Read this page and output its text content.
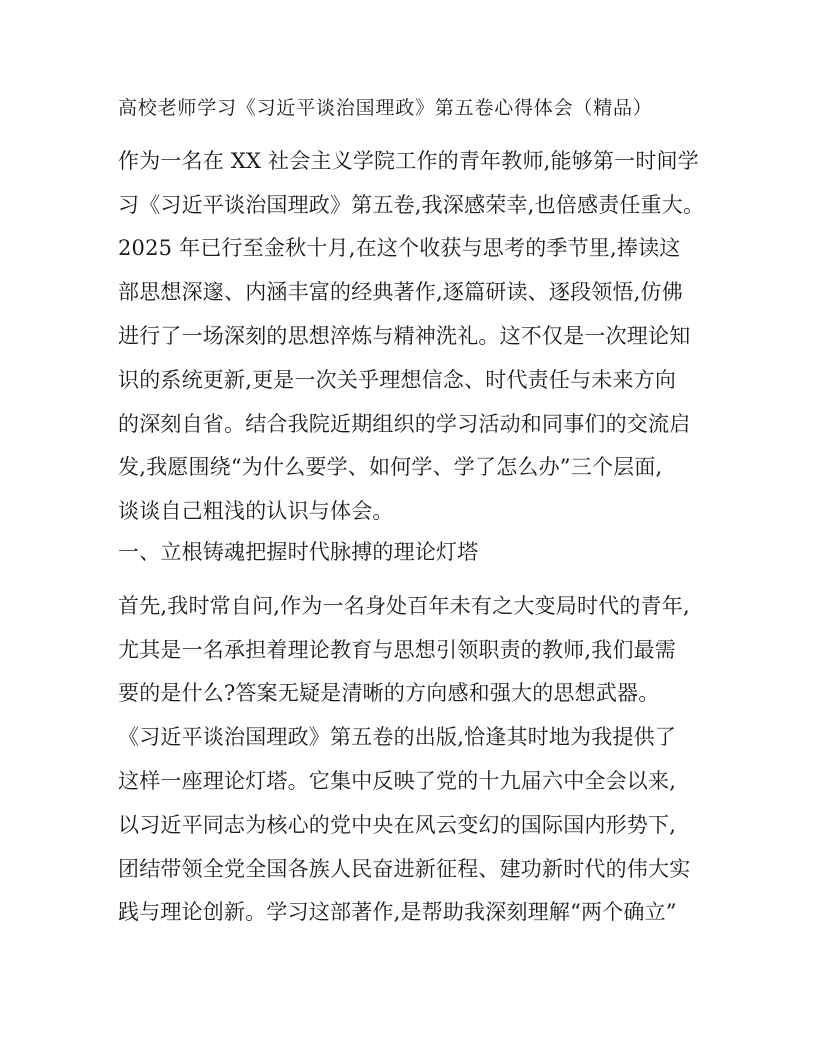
高校老师学习《习近平谈治国理政》第五卷心得体会（精品）
作为一名在 XX 社会主义学院工作的青年教师,能够第一时间学
习《习近平谈治国理政》第五卷,我深感荣幸,也倍感责任重大。
2025 年已行至金秋十月,在这个收获与思考的季节里,捧读这
部思想深邃、内涵丰富的经典著作,逐篇研读、逐段领悟,仿佛
进行了一场深刻的思想淬炼与精神洗礼。这不仅是一次理论知
识的系统更新,更是一次关乎理想信念、时代责任与未来方向
的深刻自省。结合我院近期组织的学习活动和同事们的交流启
发,我愿围绕“为什么要学、如何学、学了怎么办”三个层面,
谈谈自己粗浅的认识与体会。
一、立根铸魂把握时代脉搏的理论灯塔
首先,我时常自问,作为一名身处百年未有之大变局时代的青年,
尤其是一名承担着理论教育与思想引领职责的教师,我们最需
要的是什么?答案无疑是清晰的方向感和强大的思想武器。
《习近平谈治国理政》第五卷的出版,恰逢其时地为我提供了
这样一座理论灯塔。它集中反映了党的十九届六中全会以来,
以习近平同志为核心的党中央在风云变幻的国际国内形势下,
团结带领全党全国各族人民奋进新征程、建功新时代的伟大实
践与理论创新。学习这部著作,是帮助我深刻理解“两个确立”
